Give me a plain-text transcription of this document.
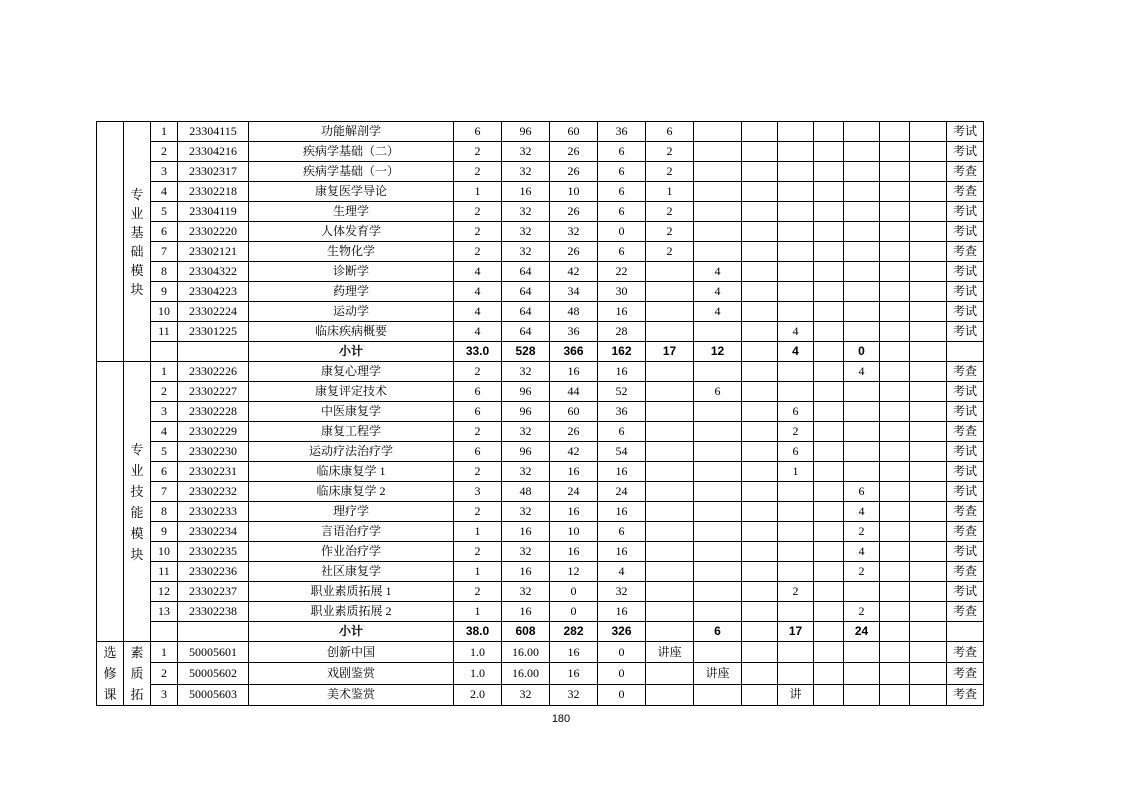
	专业基础模块	1	23304115	功能解剖学	6	96	60	36	6								考试
		2	23304216	疾病学基础（二）	2	32	26	6	2								考试
		3	23302317	疾病学基础（一）	2	32	26	6	2								考查
		4	23302218	康复医学导论	1	16	10	6	1								考查
		5	23304119	生理学	2	32	26	6	2								考试
		6	23302220	人体发育学	2	32	32	0	2								考试
		7	23302121	生物化学	2	32	26	6	2								考查
		8	23304322	诊断学	4	64	42	22		4							考试
		9	23304223	药理学	4	64	34	30		4							考试
		10	23302224	运动学	4	64	48	16		4							考试
		11	23301225	临床疾病概要	4	64	36	28				4					考试
				小计	33.0	528	366	162	17	12		4		0			
	专业技能模块	1	23302226	康复心理学	2	32	16	16						4			考查
		2	23302227	康复评定技术	6	96	44	52		6							考试
		3	23302228	中医康复学	6	96	60	36				6					考试
		4	23302229	康复工程学	2	32	26	6				2					考查
		5	23302230	运动疗法治疗学	6	96	42	54				6					考试
		6	23302231	临床康复学 1	2	32	16	16				1					考试
		7	23302232	临床康复学 2	3	48	24	24						6			考试
		8	23302233	理疗学	2	32	16	16						4			考查
		9	23302234	言语治疗学	1	16	10	6						2			考查
		10	23302235	作业治疗学	2	32	16	16						4			考试
		11	23302236	社区康复学	1	16	12	4						2			考查
		12	23302237	职业素质拓展 1	2	32	0	32				2					考试
		13	23302238	职业素质拓展 2	1	16	0	16						2			考查
				小计	38.0	608	282	326		6		17		24			
选修课	素质拓	1	50005601	创新中国	1.0	16.00	16	0	讲座								考查
		2	50005602	戏剧鉴赏	1.0	16.00	16	0		讲座							考查
		3	50005603	美术鉴赏	2.0	32	32	0				讲					考查
180
